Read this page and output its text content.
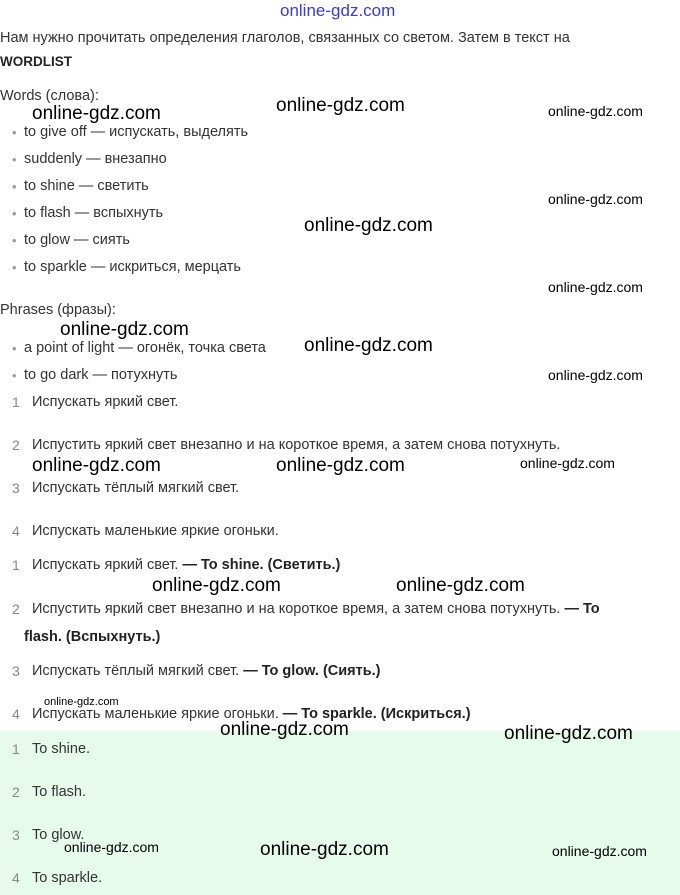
online-gdz.com
Нам нужно прочитать определения глаголов, связанных со светом. Затем в текст на
WORDLIST
Words (слова):
• to give off — испускать, выделять
• suddenly — внезапно
• to shine — светить
• to flash — вспыхнуть
• to glow — сиять
• to sparkle — искриться, мерцать
Phrases (фразы):
• a point of light — огонёк, точка света
• to go dark — потухнуть
1 Испускать яркий свет.
2 Испустить яркий свет внезапно и на короткое время, а затем снова потухнуть.
3 Испускать тёплый мягкий свет.
4 Испускать маленькие яркие огоньки.
1 Испускать яркий свет. — To shine. (Светить.)
2 Испустить яркий свет внезапно и на короткое время, а затем снова потухнуть. — To
flash. (Вспыхнуть.)
3 Испускать тёплый мягкий свет. — To glow. (Сиять.)
4 Испускать маленькие яркие огоньки. — To sparkle. (Искриться.)
1 To shine.
2 To flash.
3 To glow.
4 To sparkle.
online-gdz.com	online-gdz.com	online-gdz.com
online-gdz.com
online-gdz.com
online-gdz.com
online-gdz.com
online-gdz.com
online-gdz.com
online-gdz.com	online-gdz.com	online-gdz.com
online-gdz.com	online-gdz.com
online-gdz.com
online-gdz.com	online-gdz.com
online-gdz.com	online-gdz.com	online-gdz.com
